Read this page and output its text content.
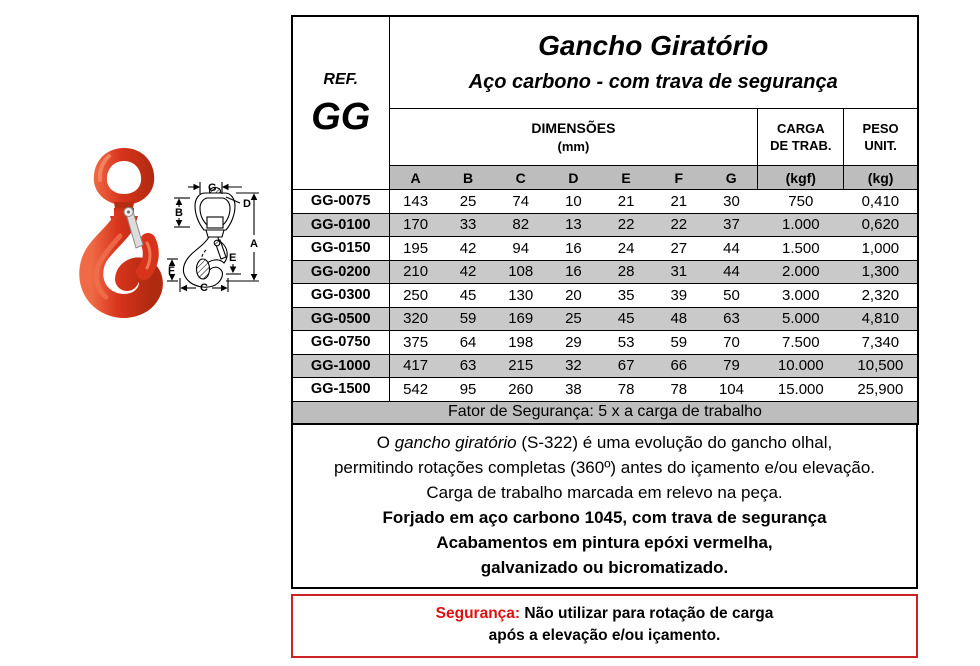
G
D
B
A
E
F
C
REF.
GG

Gancho Giratório
Aço carbono - com trava de segurança

DIMENSÕES
(mm)

CARGA
DE TRAB.

PESO
UNIT.

	A	B	C	D	E	F	G	(kgf)	(kg)
GG-0075	143	25	74	10	21	21	30	750	0,410
GG-0100	170	33	82	13	22	22	37	1.000	0,620
GG-0150	195	42	94	16	24	27	44	1.500	1,000
GG-0200	210	42	108	16	28	31	44	2.000	1,300
GG-0300	250	45	130	20	35	39	50	3.000	2,320
GG-0500	320	59	169	25	45	48	63	5.000	4,810
GG-0750	375	64	198	29	53	59	70	7.500	7,340
GG-1000	417	63	215	32	67	66	79	10.000	10,500
GG-1500	542	95	260	38	78	78	104	15.000	25,900
Fator de Segurança: 5 x a carga de trabalho									

O gancho giratório (S-322) é uma evolução do gancho olhal,

permitindo rotações completas (360º) antes do içamento e/ou elevação.

Carga de trabalho marcada em relevo na peça.

Forjado em aço carbono 1045, com trava de segurança

Acabamentos em pintura epóxi vermelha,

galvanizado ou bicromatizado.

Segurança: Não utilizar para rotação de carga

após a elevação e/ou içamento.
